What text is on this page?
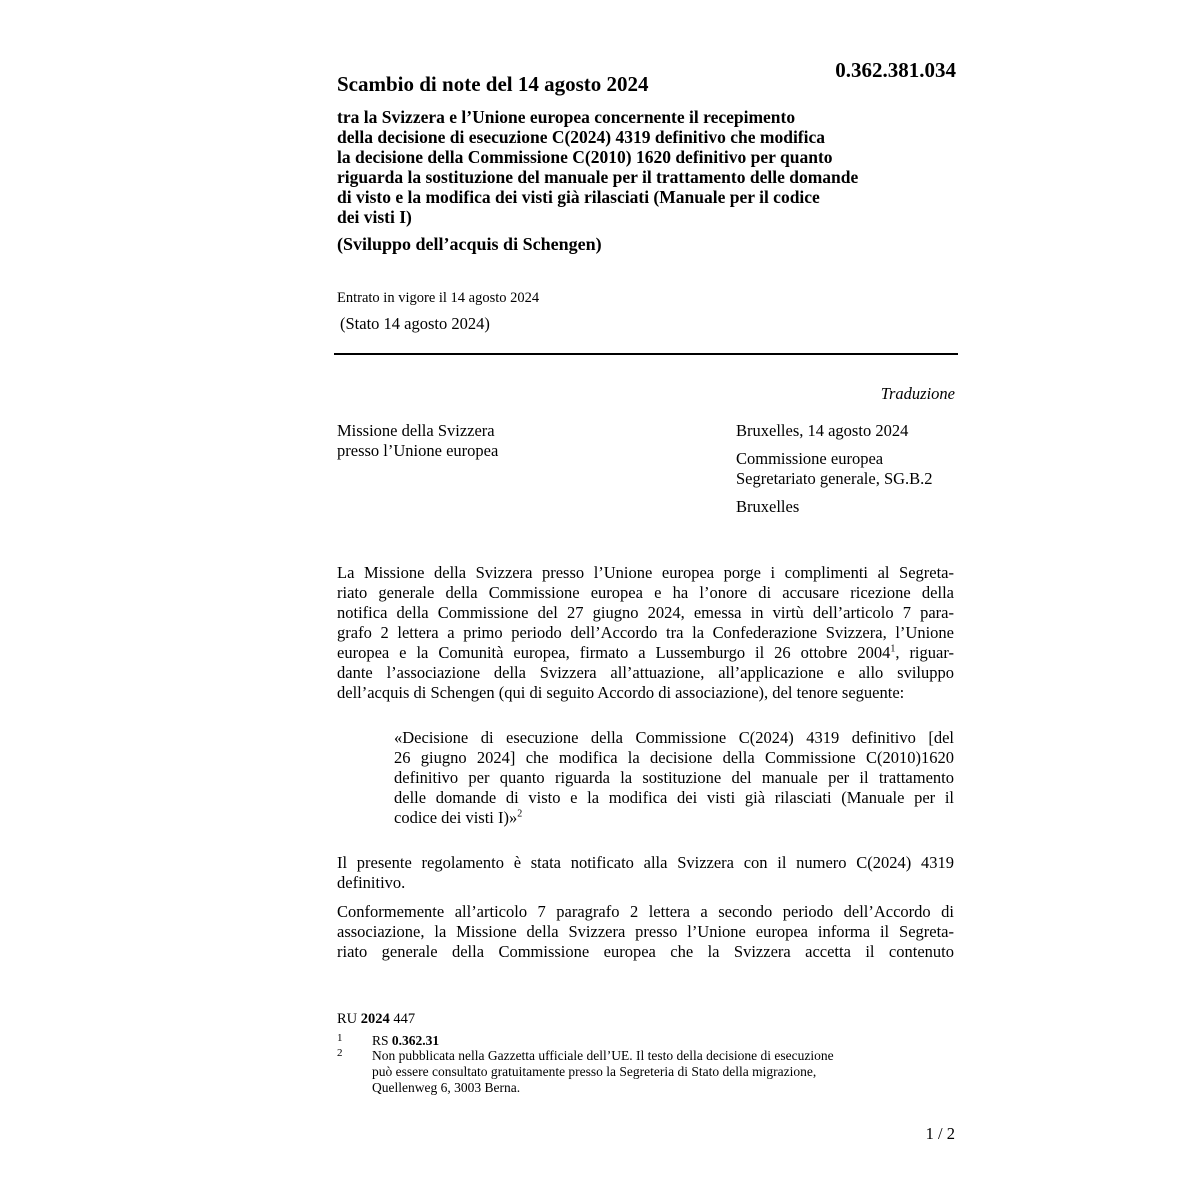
0.362.381.034
Scambio di note del 14 agosto 2024
tra la Svizzera e l’Unione europea concernente il recepimento
della decisione di esecuzione C(2024) 4319 definitivo che modifica
la decisione della Commissione C(2010) 1620 definitivo per quanto
riguarda la sostituzione del manuale per il trattamento delle domande
di visto e la modifica dei visti già rilasciati (Manuale per il codice
dei visti I)
(Sviluppo dell’acquis di Schengen)
Entrato in vigore il 14 agosto 2024
(Stato 14 agosto 2024)
Traduzione
Missione della Svizzera
presso l’Unione europea
Bruxelles, 14 agosto 2024
Commissione europea
Segretariato generale, SG.B.2
Bruxelles
La Missione della Svizzera presso l’Unione europea porge i complimenti al Segreta-
riato generale della Commissione europea e ha l’onore di accusare ricezione della
notifica della Commissione del 27 giugno 2024, emessa in virtù dell’articolo 7 para-
grafo 2 lettera a primo periodo dell’Accordo tra la Confederazione Svizzera, l’Unione
europea e la Comunità europea, firmato a Lussemburgo il 26 ottobre 2004$^1$, riguar-
dante l’associazione della Svizzera all’attuazione, all’applicazione e allo sviluppo
dell’acquis di Schengen (qui di seguito Accordo di associazione), del tenore seguente:
«Decisione di esecuzione della Commissione C(2024) 4319 definitivo [del
26 giugno 2024] che modifica la decisione della Commissione C(2010)1620
definitivo per quanto riguarda la sostituzione del manuale per il trattamento
delle domande di visto e la modifica dei visti già rilasciati (Manuale per il
codice dei visti I)»$^2$
Il presente regolamento è stata notificato alla Svizzera con il numero C(2024) 4319
definitivo.
Conformemente all’articolo 7 paragrafo 2 lettera a secondo periodo dell’Accordo di
associazione, la Missione della Svizzera presso l’Unione europea informa il Segreta-
riato generale della Commissione europea che la Svizzera accetta il contenuto
RU 2024 447
1 RS 0.362.31
2 Non pubblicata nella Gazzetta ufficiale dell’UE. Il testo della decisione di esecuzione
può essere consultato gratuitamente presso la Segreteria di Stato della migrazione,
Quellenweg 6, 3003 Berna.
1 / 2
